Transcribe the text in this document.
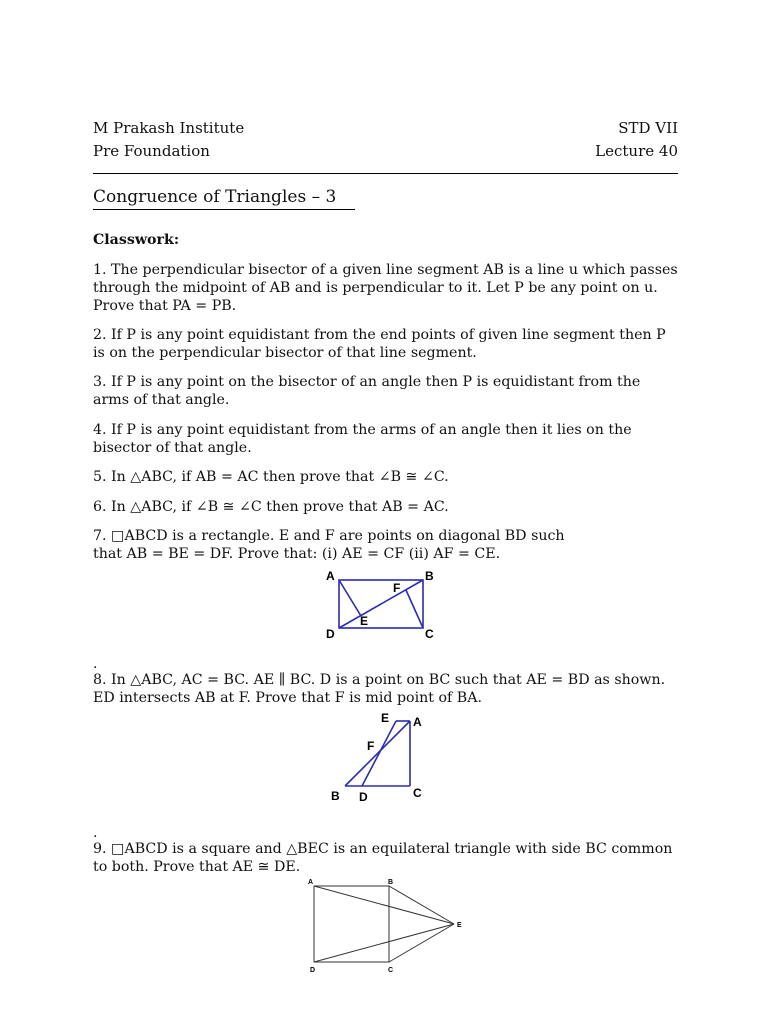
M Prakash Institute	STD VII
Pre Foundation	Lecture 40
Congruence of Triangles – 3
Classwork:
1. The perpendicular bisector of a given line segment AB is a line u which passes through the midpoint of AB and is perpendicular to it. Let P be any point on u. Prove that PA = PB.
2. If P is any point equidistant from the end points of given line segment then P is on the perpendicular bisector of that line segment.
3. If P is any point on the bisector of an angle then P is equidistant from the arms of that angle.
4. If P is any point equidistant from the arms of an angle then it lies on the bisector of that angle.
5. In △ABC, if AB = AC then prove that ∠B ≅ ∠C.
6. In △ABC, if ∠B ≅ ∠C then prove that AB = AC.
7. □ABCD is a rectangle. E and F are points on diagonal BD such that AB = BE = DF. Prove that: (i) AE = CF (ii) AF = CE.
A	B
D	C
E
F
.
8. In △ABC, AC = BC. AE ∥ BC. D is a point on BC such that AE = BD as shown. ED intersects AB at F. Prove that F is mid point of BA.
E A
F
B D	C
.
9. □ABCD is a square and △BEC is an equilateral triangle with side BC common to both. Prove that AE ≅ DE.
A	B
E
D	C
